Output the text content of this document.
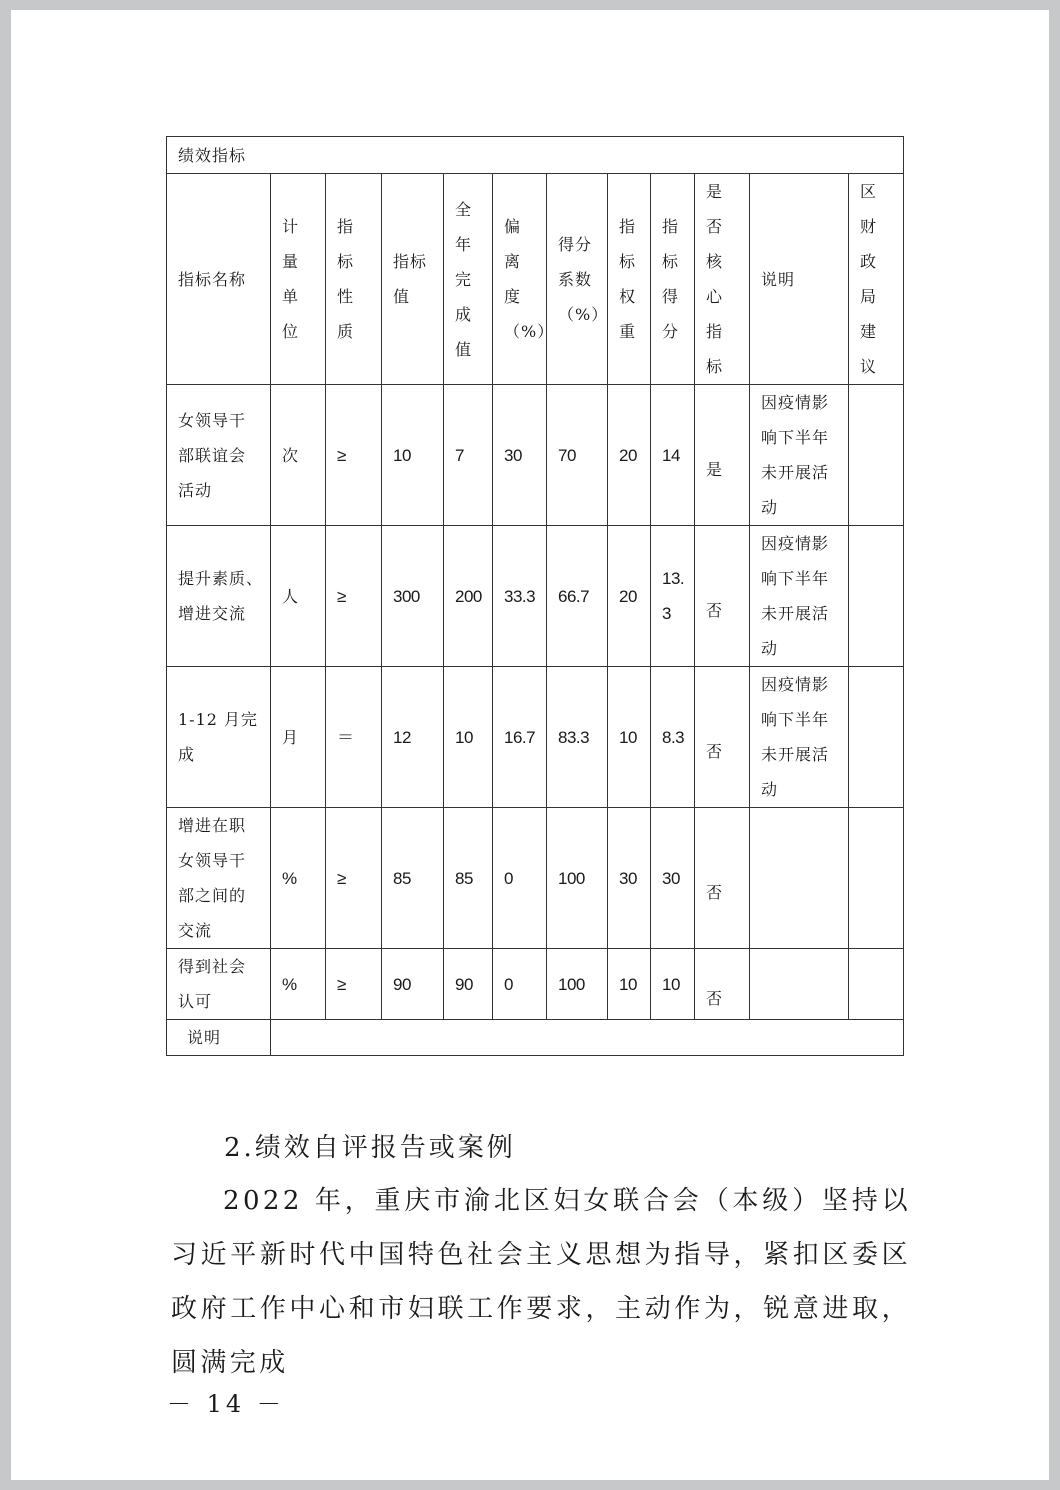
绩效指标											

指标名称	计量单位	指标性质	指标值	全年完成值	偏离度（%）	得分系数（%）	指标权重	指标得分	是否核心指标	说明	区财政局建议

女领导干部联谊会活动	次	≥	10	7	30	70	20	14	是	因疫情影响下半年未开展活动	

提升素质、增进交流	人	≥	300	200	33.3	66.7	20	13.3	否	因疫情影响下半年未开展活动	

1-12 月完成	月	＝	12	10	16.7	83.3	10	8.3	否	因疫情影响下半年未开展活动	

增进在职女领导干部之间的交流	%	≥	85	85	0	100	30	30	否		

得到社会认可	%	≥	90	90	0	100	10	10	否		
说明											
2.绩效自评报告或案例
2022 年，重庆市渝北区妇女联合会（本级）坚持以习近平新时代中国特色社会主义思想为指导，紧扣区委区政府工作中心和市妇联工作要求，主动作为，锐意进取，圆满完成
－ 14 －
